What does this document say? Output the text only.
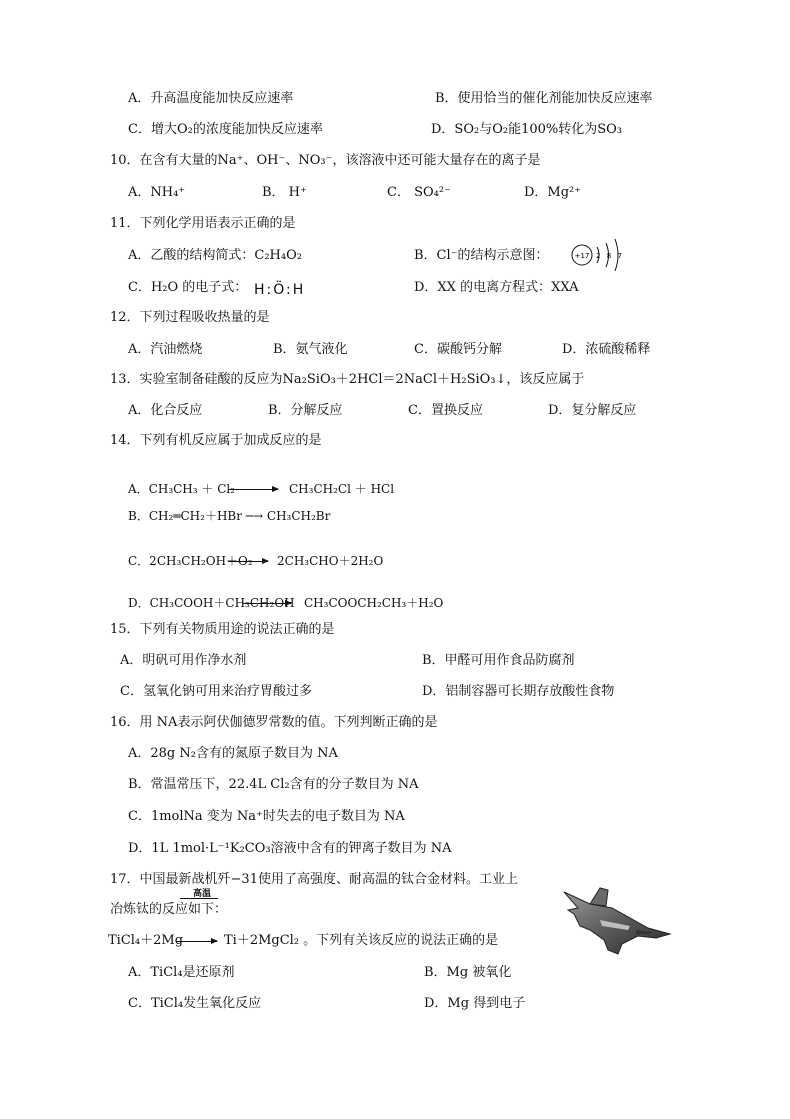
A．升高温度能加快反应速率	B．使用恰当的催化剂能加快反应速率
C．增大O₂的浓度能加快反应速率	D．SO₂与O₂能100%转化为SO₃
10．在含有大量的Na⁺、OH⁻、NO₃⁻，该溶液中还可能大量存在的离子是
A．NH₄⁺	B． H⁺	C． SO₄²⁻	D．Mg²⁺
11．下列化学用语表示正确的是
A．乙酸的结构简式：C₂H₄O₂	B．Cl⁻的结构示意图：	+17 2 8 7
C．H₂O 的电子式： H:Ö:H	D．XX 的电离方程式：XXA
12．下列过程吸收热量的是
A．汽油燃烧	B．氨气液化	C．碳酸钙分解	D．浓硫酸稀释
13．实验室制备硅酸的反应为Na₂SiO₃＋2HCl＝2NaCl＋H₂SiO₃↓，该反应属于
A．化合反应	B．分解反应	C．置换反应	D．复分解反应
14．下列有机反应属于加成反应的是
A．CH₃CH₃ ＋ Cl₂	CH₃CH₂Cl ＋ HCl
B．CH₂═CH₂＋HBr ─→ CH₃CH₂Br
C．2CH₃CH₂OH＋O₂ 2CH₃CHO＋2H₂O
D．CH₃COOH＋CH₃CH₂OH CH₃COOCH₂CH₃＋H₂O
15．下列有关物质用途的说法正确的是
A．明矾可用作净水剂	B．甲醛可用作食品防腐剂
C．氢氧化钠可用来治疗胃酸过多	D．铝制容器可长期存放酸性食物
16．用 NA表示阿伏伽德罗常数的值。下列判断正确的是
A．28g N₂含有的氮原子数目为 NA
B．常温常压下，22.4L Cl₂含有的分子数目为 NA
C．1molNa 变为 Na⁺时失去的电子数目为 NA
D．1L 1mol·L⁻¹K₂CO₃溶液中含有的钾离子数目为 NA
17．中国最新战机歼−31使用了高强度、耐高温的钛合金材料。工业上
高温
冶炼钛的反应如下：
TiCl₄＋2Mg	Ti＋2MgCl₂ 。下列有关该反应的说法正确的是
A．TiCl₄是还原剂	B．Mg 被氧化
C．TiCl₄发生氧化反应	D．Mg 得到电子
